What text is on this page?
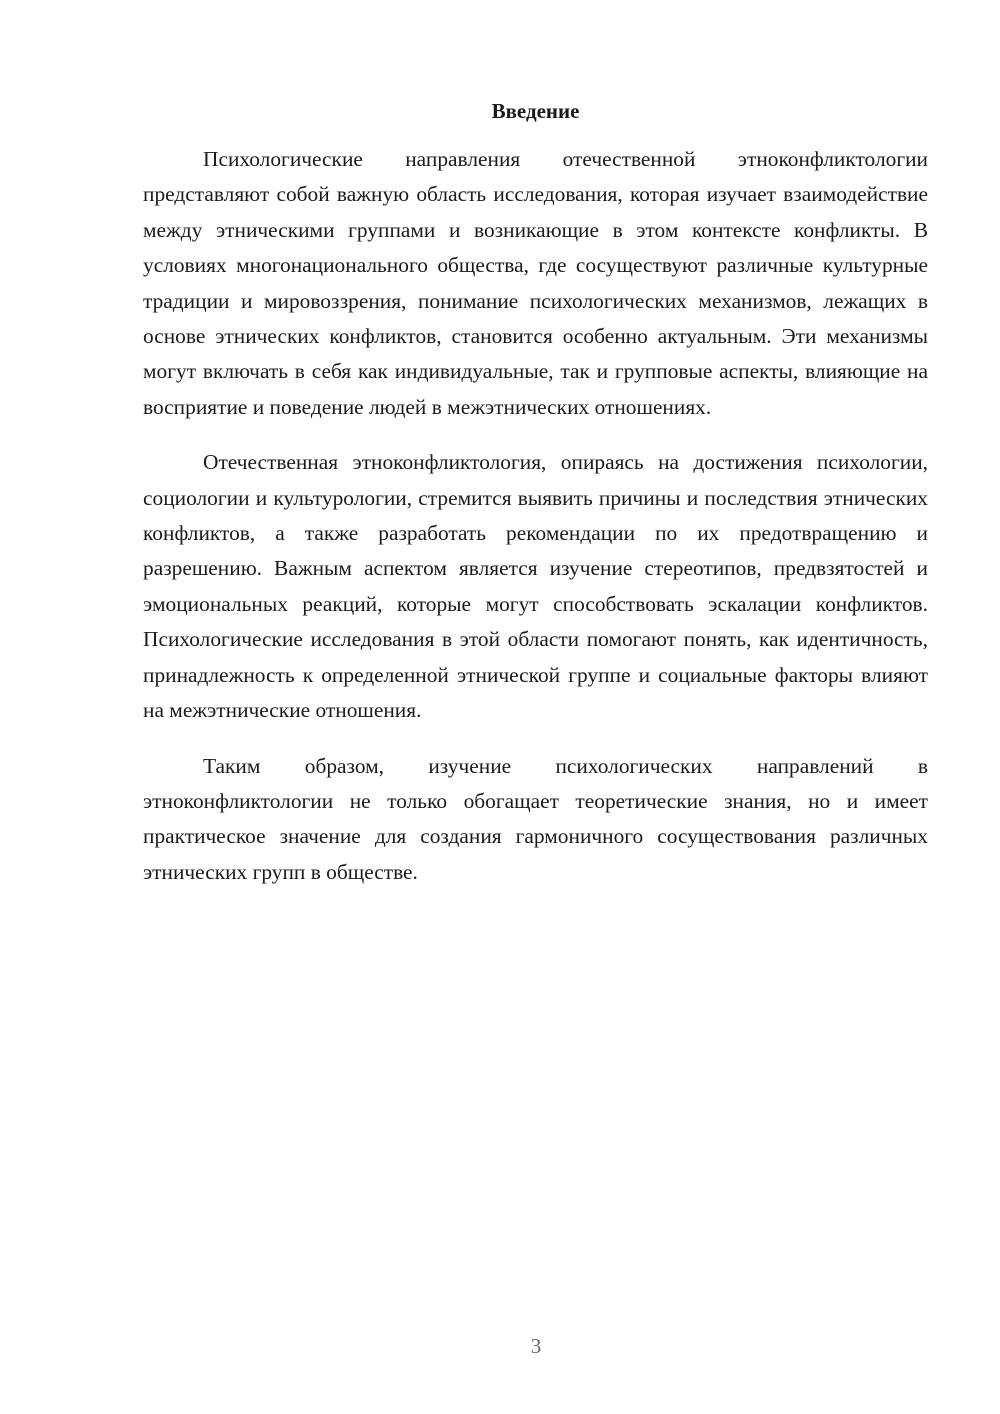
Введение

Психологические направления отечественной этноконфликтологии представляют собой важную область исследования, которая изучает взаимодействие между этническими группами и возникающие в этом контексте конфликты. В условиях многонационального общества, где сосуществуют различные культурные традиции и мировоззрения, понимание психологических механизмов, лежащих в основе этнических конфликтов, становится особенно актуальным. Эти механизмы могут включать в себя как индивидуальные, так и групповые аспекты, влияющие на восприятие и поведение людей в межэтнических отношениях.

Отечественная этноконфликтология, опираясь на достижения психологии, социологии и культурологии, стремится выявить причины и последствия этнических конфликтов, а также разработать рекомендации по их предотвращению и разрешению. Важным аспектом является изучение стереотипов, предвзятостей и эмоциональных реакций, которые могут способствовать эскалации конфликтов. Психологические исследования в этой области помогают понять, как идентичность, принадлежность к определенной этнической группе и социальные факторы влияют на межэтнические отношения.

Таким образом, изучение психологических направлений в этноконфликтологии не только обогащает теоретические знания, но и имеет практическое значение для создания гармоничного сосуществования различных этнических групп в обществе.

3
